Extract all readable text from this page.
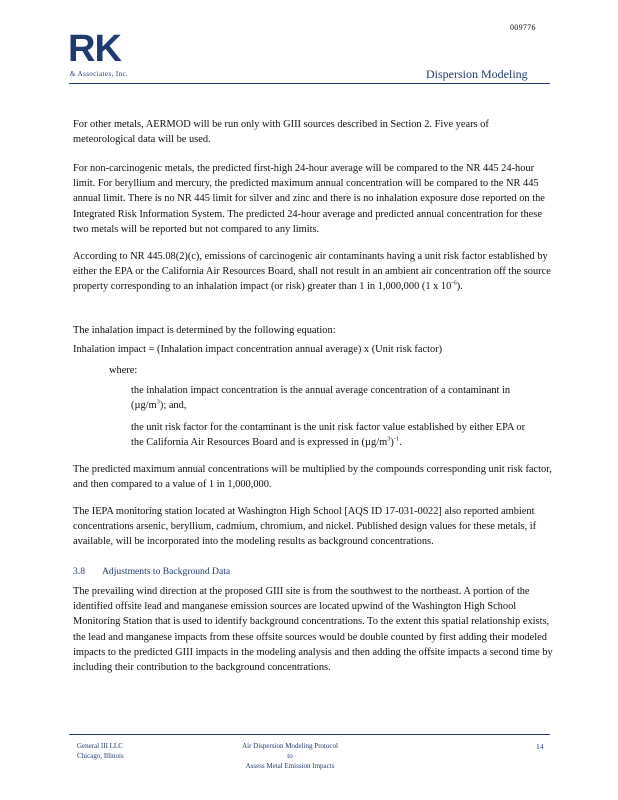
009776
RK
& Associates, Inc.	Dispersion Modeling

For other metals, AERMOD will be run only with GIII sources described in Section 2. Five years of meteorological data will be used.

For non-carcinogenic metals, the predicted first-high 24-hour average will be compared to the NR 445 24-hour limit. For beryllium and mercury, the predicted maximum annual concentration will be compared to the NR 445 annual limit. There is no NR 445 limit for silver and zinc and there is no inhalation exposure dose reported on the Integrated Risk Information System. The predicted 24-hour average and predicted annual concentration for these two metals will be reported but not compared to any limits.

According to NR 445.08(2)(c), emissions of carcinogenic air contaminants having a unit risk factor established by either the EPA or the California Air Resources Board, shall not result in an ambient air concentration off the source property corresponding to an inhalation impact (or risk) greater than 1 in 1,000,000 (1 x $10^{-6}$).

The inhalation impact is determined by the following equation:

Inhalation impact = (Inhalation impact concentration annual average) x (Unit risk factor)

where:

the inhalation impact concentration is the annual average concentration of a contaminant in $(\mu g/m^3)$; and,

the unit risk factor for the contaminant is the unit risk factor value established by either EPA or the California Air Resources Board and is expressed in $(\mu g/m^3)^{-1}$.

The predicted maximum annual concentrations will be multiplied by the compounds corresponding unit risk factor, and then compared to a value of 1 in 1,000,000.

The IEPA monitoring station located at Washington High School [AQS ID 17-031-0022] also reported ambient concentrations arsenic, beryllium, cadmium, chromium, and nickel. Published design values for these metals, if available, will be incorporated into the modeling results as background concentrations.

3.8 Adjustments to Background Data

The prevailing wind direction at the proposed GIII site is from the southwest to the northeast. A portion of the identified offsite lead and manganese emission sources are located upwind of the Washington High School Monitoring Station that is used to identify background concentrations. To the extent this spatial relationship exists, the lead and manganese impacts from these offsite sources would be double counted by first adding their modeled impacts to the predicted GIII impacts in the modeling analysis and then adding the offsite impacts a second time by including their contribution to the background concentrations.

General III LLC
Chicago, Illinois
Air Dispersion Modeling Protocol to
Assess Metal Emission Impacts
14
